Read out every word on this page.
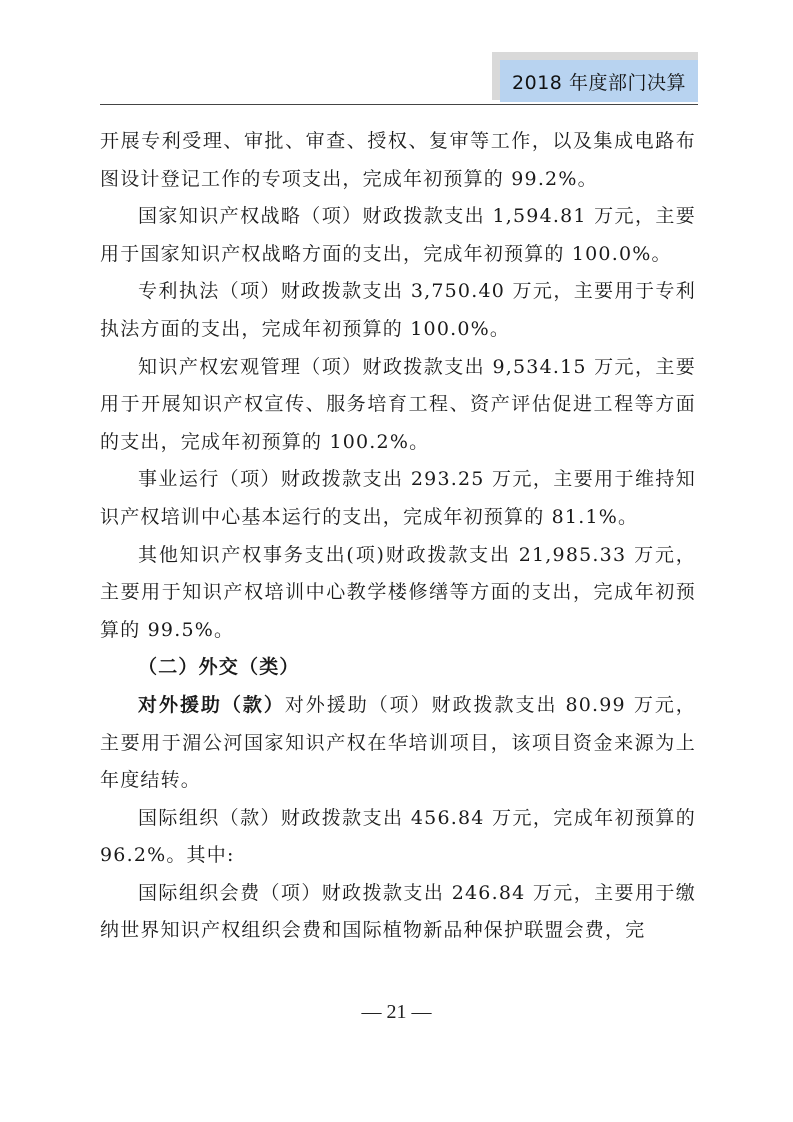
2018 年度部门决算

开展专利受理、审批、审查、授权、复审等工作，以及集成电路布图设计登记工作的专项支出，完成年初预算的 99.2%。

国家知识产权战略（项）财政拨款支出 1,594.81 万元，主要用于国家知识产权战略方面的支出，完成年初预算的 100.0%。

专利执法（项）财政拨款支出 3,750.40 万元，主要用于专利执法方面的支出，完成年初预算的 100.0%。

知识产权宏观管理（项）财政拨款支出 9,534.15 万元，主要用于开展知识产权宣传、服务培育工程、资产评估促进工程等方面的支出，完成年初预算的 100.2%。

事业运行（项）财政拨款支出 293.25 万元，主要用于维持知识产权培训中心基本运行的支出，完成年初预算的 81.1%。

其他知识产权事务支出(项)财政拨款支出 21,985.33 万元，主要用于知识产权培训中心教学楼修缮等方面的支出，完成年初预算的 99.5%。

（二）外交（类）

对外援助（款）对外援助（项）财政拨款支出 80.99 万元，主要用于湄公河国家知识产权在华培训项目，该项目资金来源为上年度结转。

国际组织（款）财政拨款支出 456.84 万元，完成年初预算的 96.2%。其中:

国际组织会费（项）财政拨款支出 246.84 万元，主要用于缴纳世界知识产权组织会费和国际植物新品种保护联盟会费，完

— 21 —
